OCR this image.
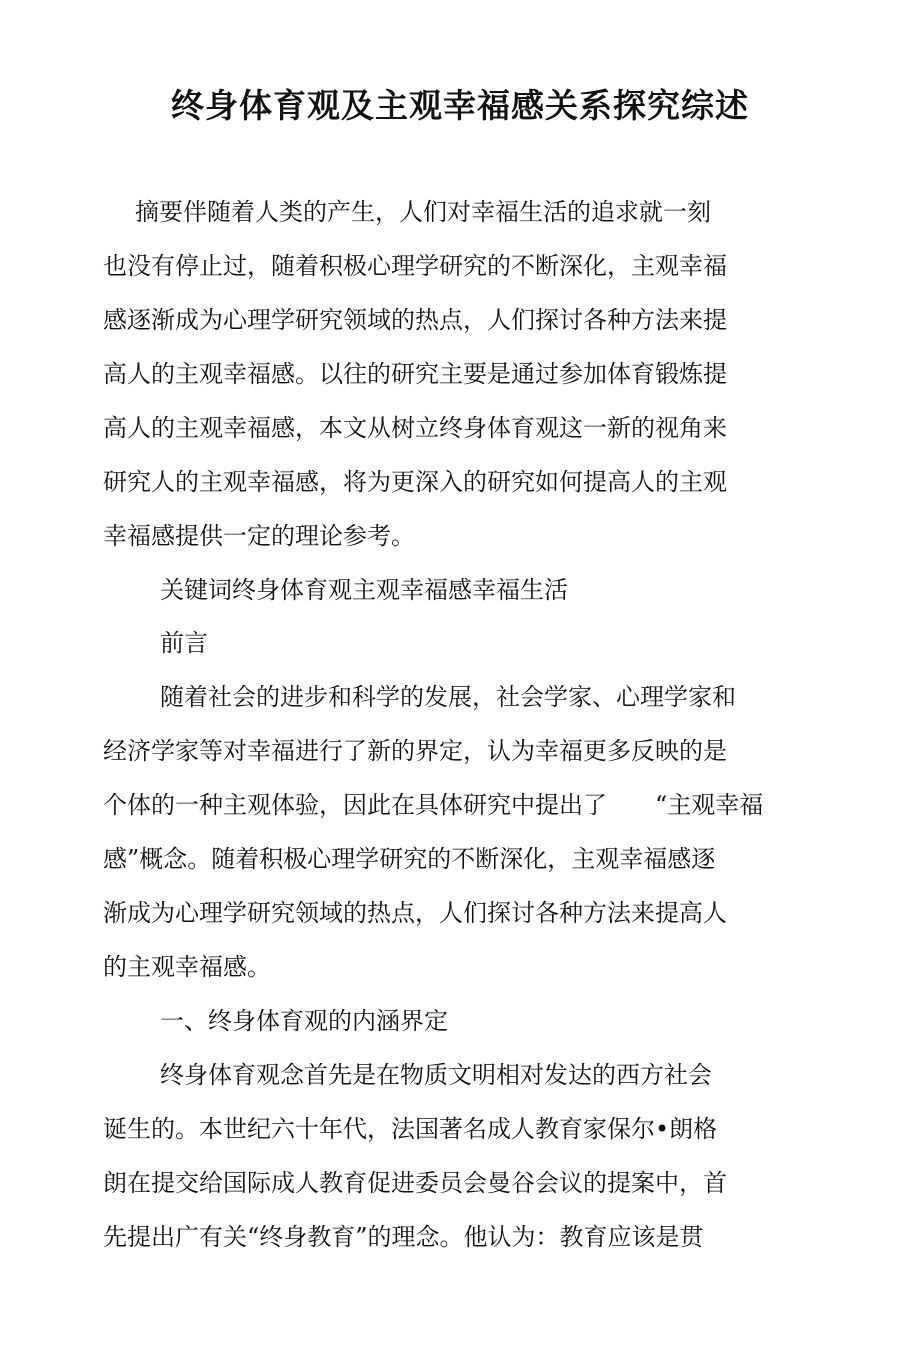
终身体育观及主观幸福感关系探究综述
摘要伴随着人类的产生，人们对幸福生活的追求就一刻
也没有停止过，随着积极心理学研究的不断深化，主观幸福
感逐渐成为心理学研究领域的热点，人们探讨各种方法来提
高人的主观幸福感。以往的研究主要是通过参加体育锻炼提
高人的主观幸福感，本文从树立终身体育观这一新的视角来
研究人的主观幸福感，将为更深入的研究如何提高人的主观
幸福感提供一定的理论参考。
关键词终身体育观主观幸福感幸福生活
前言
随着社会的进步和科学的发展，社会学家、心理学家和
经济学家等对幸福进行了新的界定，认为幸福更多反映的是
个体的一种主观体验，因此在具体研究中提出了　　“主观幸福
感”概念。随着积极心理学研究的不断深化，主观幸福感逐
渐成为心理学研究领域的热点，人们探讨各种方法来提高人
的主观幸福感。
一、终身体育观的内涵界定
终身体育观念首先是在物质文明相对发达的西方社会
诞生的。本世纪六十年代，法国著名成人教育家保尔•朗格
朗在提交给国际成人教育促进委员会曼谷会议的提案中，首
先提出广有关“终身教育”的理念。他认为：教育应该是贯
